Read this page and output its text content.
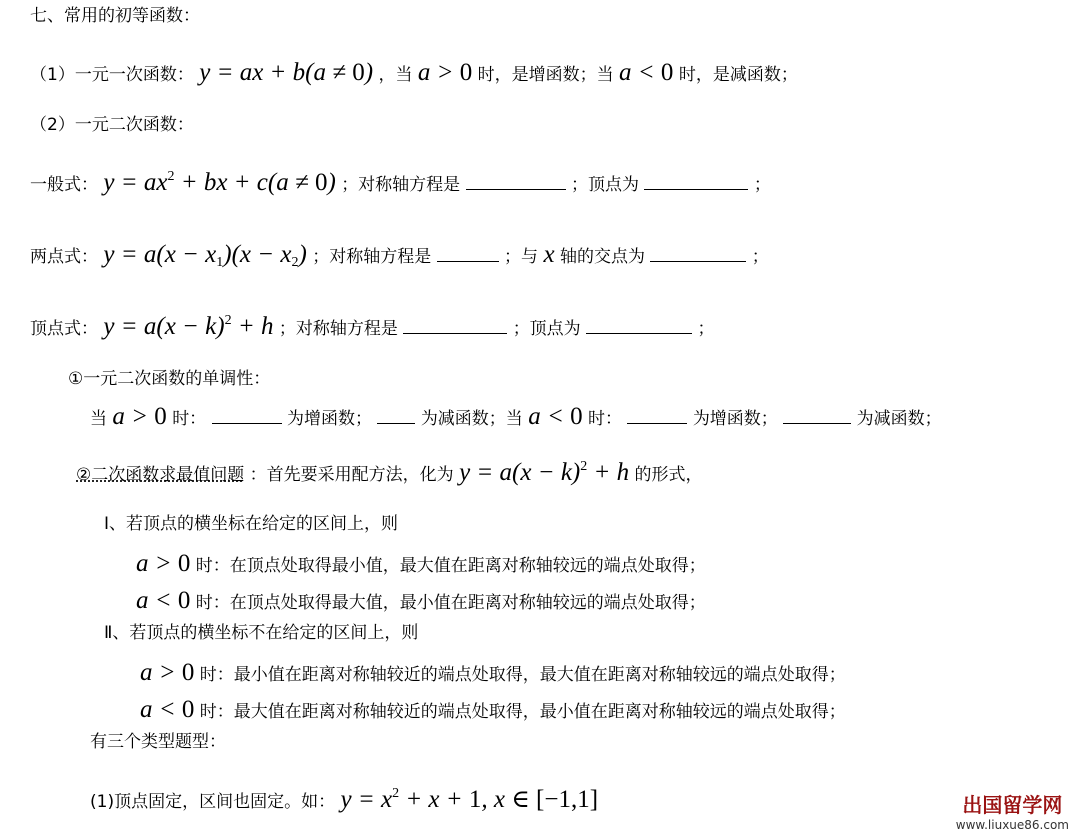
七、常用的初等函数：
（1）一元一次函数： y = ax + b(a ≠ 0) ，当 a > 0 时，是增函数；当 a < 0 时，是减函数；
（2）一元二次函数：
一般式： $y = ax^2$ + bx + c(a ≠ 0) ；对称轴方程是	；顶点为	；
两点式： $y = a(x - x_1)(x - x_2)$ ；对称轴方程是	；与 x 轴的交点为	；
顶点式： $y = a(x - k)^2 + h$ ；对称轴方程是	；顶点为	；
①一元二次函数的单调性：
当 a > 0 时：	为增函数；	为减函数；当 a < 0 时：	为增函数；	为减函数；
②二次函数求最值问题 ：首先要采用配方法，化为 $y = a(x - k)^2 + h$ 的形式，
Ⅰ、若顶点的横坐标在给定的区间上，则
a > 0 时：在顶点处取得最小值，最大值在距离对称轴较远的端点处取得；
a < 0 时：在顶点处取得最大值，最小值在距离对称轴较远的端点处取得；
Ⅱ、若顶点的横坐标不在给定的区间上，则
a > 0 时：最小值在距离对称轴较近的端点处取得，最大值在距离对称轴较远的端点处取得；
a < 0 时：最大值在距离对称轴较近的端点处取得，最小值在距离对称轴较远的端点处取得；
有三个类型题型：
(1)顶点固定，区间也固定。如： $y = x^2 + x + 1$, x ∈ [−1,1]	出国留学网
www.liuxue86.com
